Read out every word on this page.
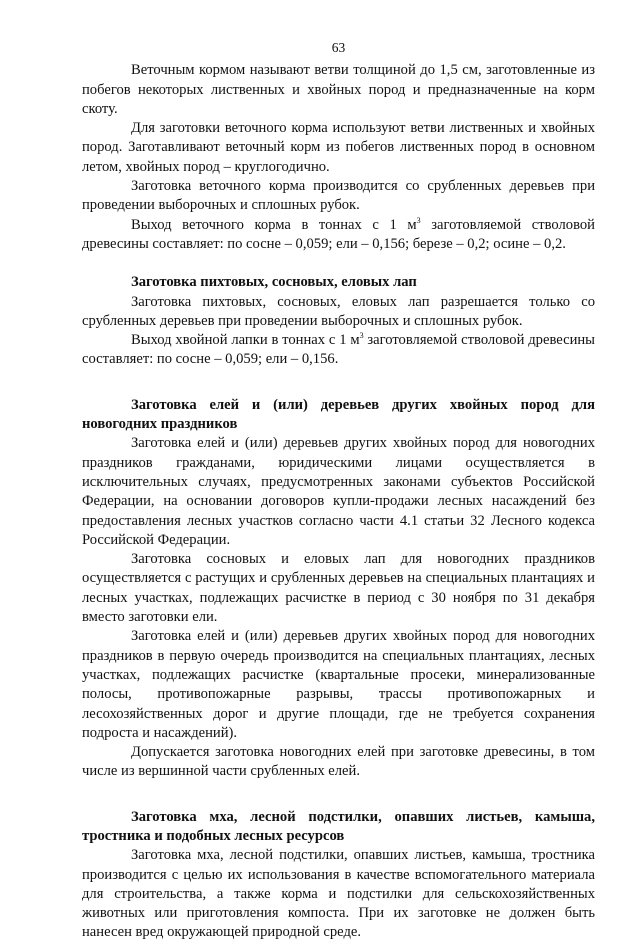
63

Веточным кормом называют ветви толщиной до 1,5 см, заготовленные из побегов некоторых лиственных и хвойных пород и предназначенные на корм скоту.

Для заготовки веточного корма используют ветви лиственных и хвойных пород. Заготавливают веточный корм из побегов лиственных пород в основном летом, хвойных пород – круглогодично.

Заготовка веточного корма производится со срубленных деревьев при проведении выборочных и сплошных рубок.

Выход веточного корма в тоннах с 1 $м^3$ заготовляемой стволовой древесины составляет: по сосне – 0,059; ели – 0,156; березе – 0,2; осине – 0,2.

Заготовка пихтовых, сосновых, еловых лап

Заготовка пихтовых, сосновых, еловых лап разрешается только со срубленных деревьев при проведении выборочных и сплошных рубок.

Выход хвойной лапки в тоннах с 1 $м^3$ заготовляемой стволовой древесины составляет: по сосне – 0,059; ели – 0,156.

Заготовка елей и (или) деревьев других хвойных пород для новогодних праздников

Заготовка елей и (или) деревьев других хвойных пород для новогодних праздников гражданами, юридическими лицами осуществляется в исключительных случаях, предусмотренных законами субъектов Российской Федерации, на основании договоров купли-продажи лесных насаждений без предоставления лесных участков согласно части 4.1 статьи 32 Лесного кодекса Российской Федерации.

Заготовка сосновых и еловых лап для новогодних праздников осуществляется с растущих и срубленных деревьев на специальных плантациях и лесных участках, подлежащих расчистке в период с 30 ноября по 31 декабря вместо заготовки ели.

Заготовка елей и (или) деревьев других хвойных пород для новогодних праздников в первую очередь производится на специальных плантациях, лесных участках, подлежащих расчистке (квартальные просеки, минерализованные полосы, противопожарные разрывы, трассы противопожарных и лесохозяйственных дорог и другие площади, где не требуется сохранения подроста и насаждений).

Допускается заготовка новогодних елей при заготовке древесины, в том числе из вершинной части срубленных елей.

Заготовка мха, лесной подстилки, опавших листьев, камыша, тростника и подобных лесных ресурсов

Заготовка мха, лесной подстилки, опавших листьев, камыша, тростника производится с целью их использования в качестве вспомогательного материала для строительства, а также корма и подстилки для сельскохозяйственных животных или приготовления компоста. При их заготовке не должен быть нанесен вред окружающей природной среде.
